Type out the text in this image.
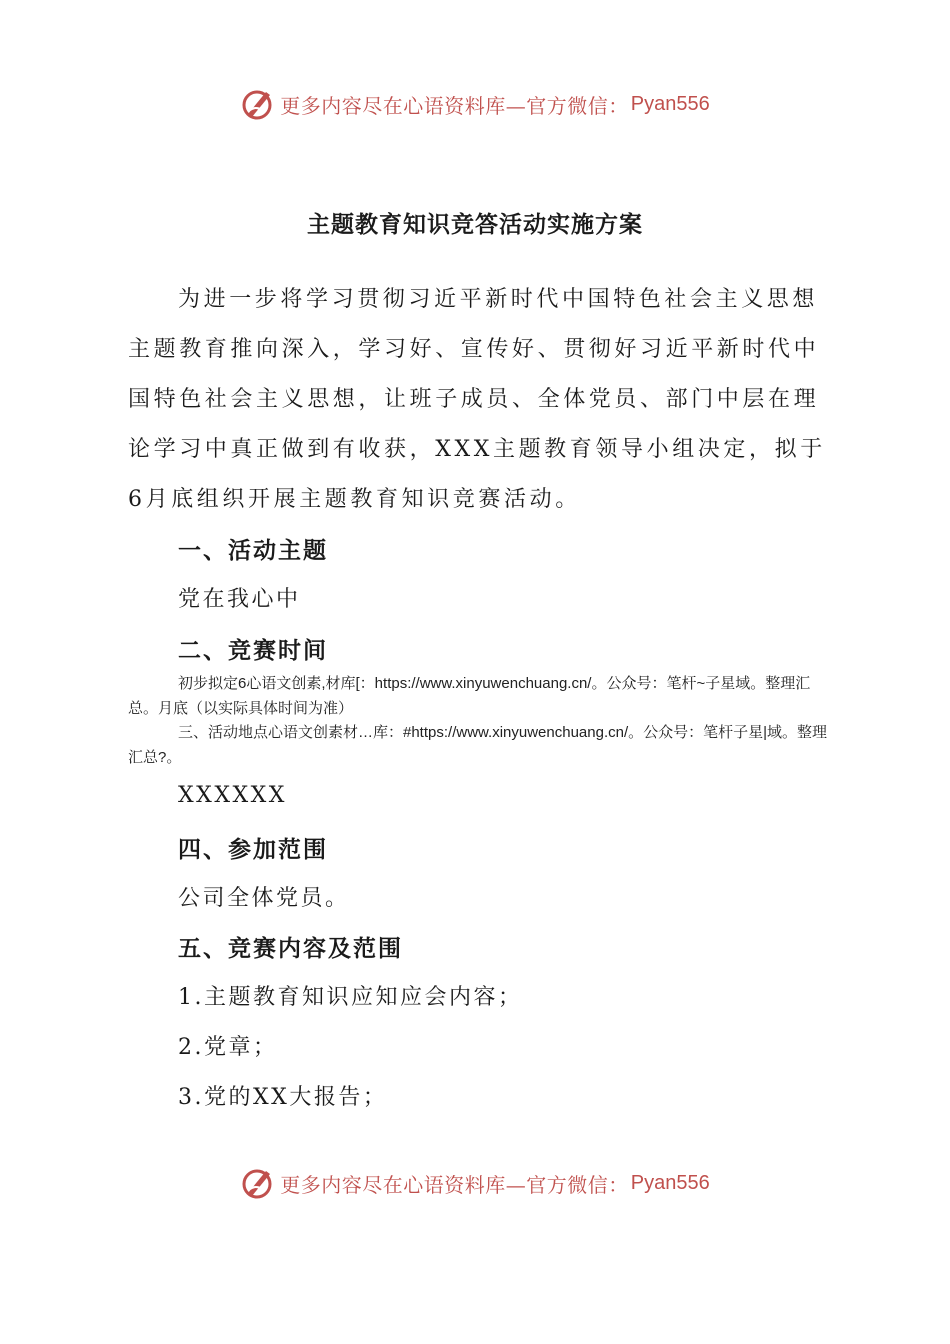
更多内容尽在心语资料库—官方微信： Pyan556
主题教育知识竞答活动实施方案
为进一步将学习贯彻习近平新时代中国特色社会主义思想主题教育推向深入，学习好、宣传好、贯彻好习近平新时代中国特色社会主义思想，让班子成员、全体党员、部门中层在理论学习中真正做到有收获，XXX主题教育领导小组决定，拟于6月底组织开展主题教育知识竞赛活动。
一、活动主题
党在我心中
二、竞赛时间
初步拟定6心语文创素,材库[：https://www.xinyuwenchuang.cn/。公众号：笔杆~子星域。整理汇总。月底（以实际具体时间为准）
三、活动地点心语文创素材…库：#https://www.xinyuwenchuang.cn/。公众号：笔杆子星|域。整理汇总?。
XXXXXX
四、参加范围
公司全体党员。
五、竞赛内容及范围
1.主题教育知识应知应会内容；
2.党章；
3.党的XX大报告；
更多内容尽在心语资料库—官方微信： Pyan556
